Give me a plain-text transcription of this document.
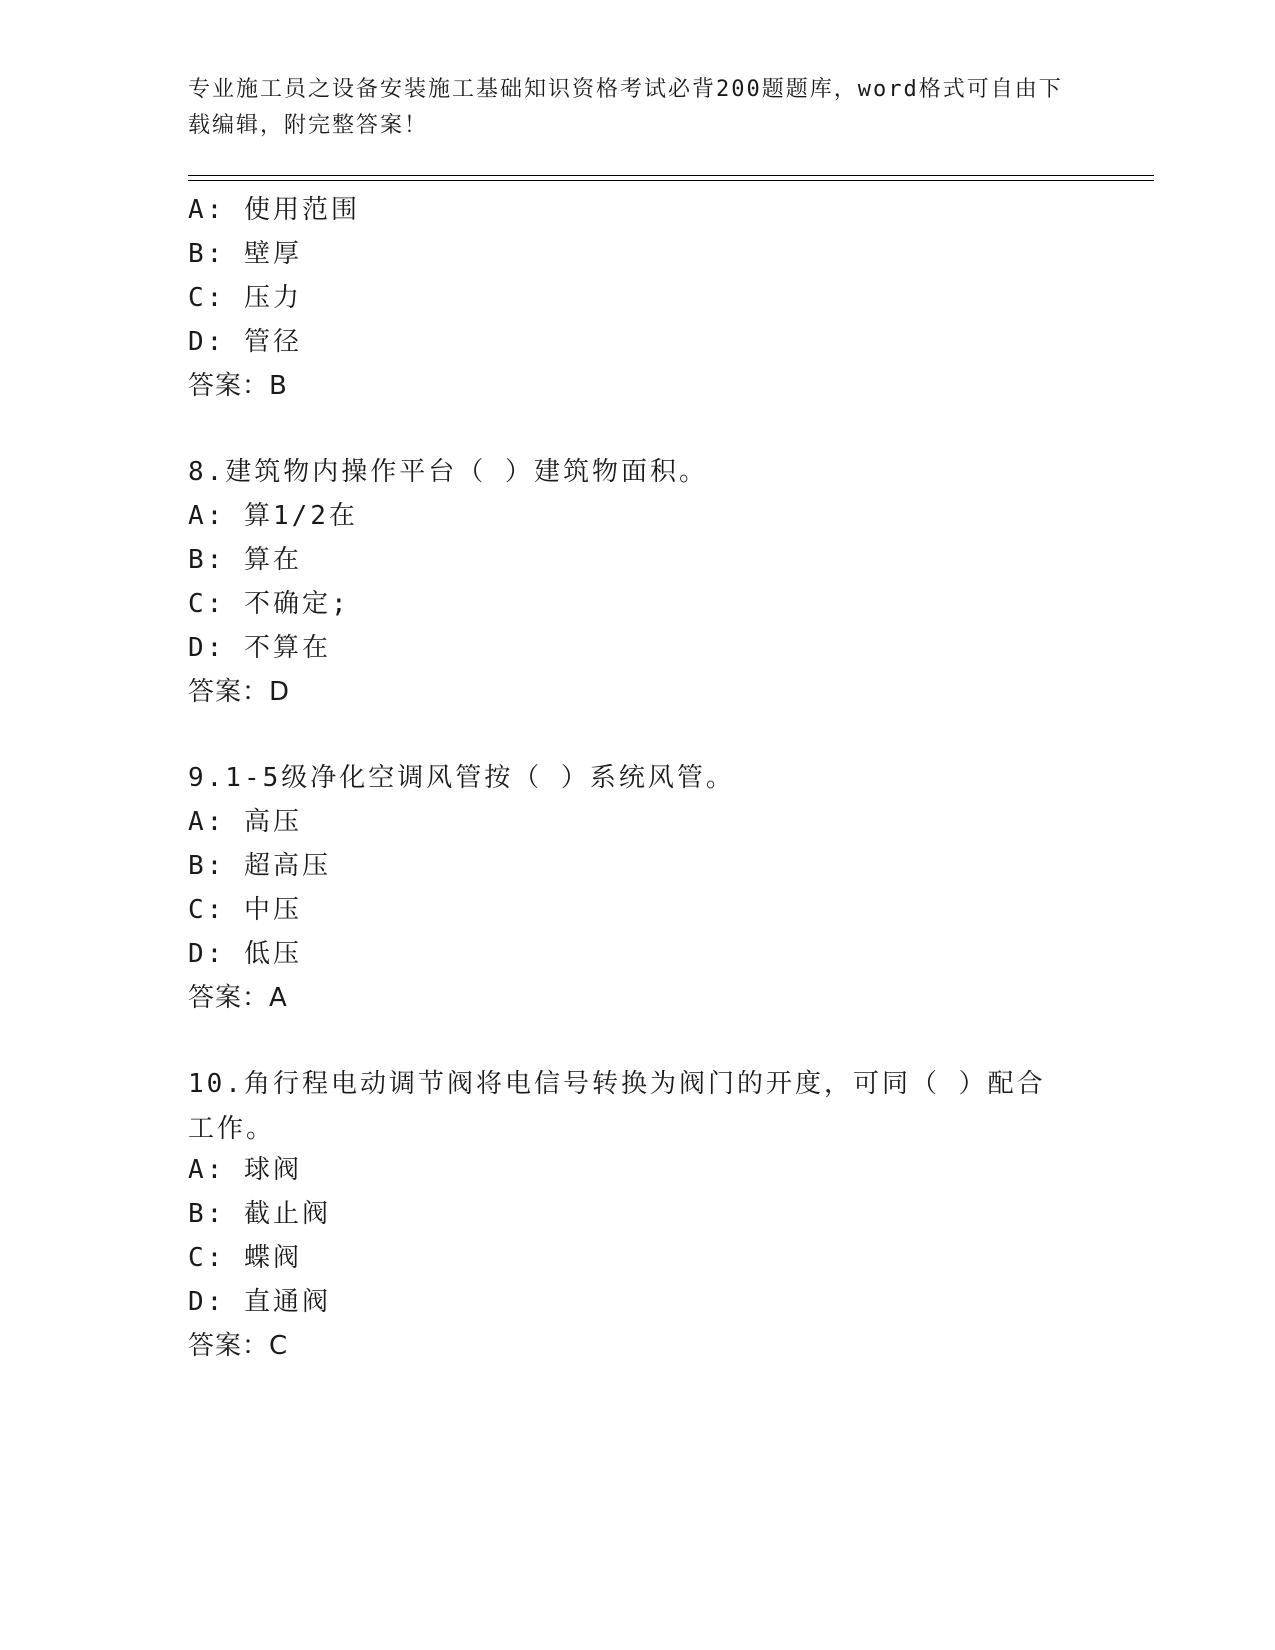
专业施工员之设备安装施工基础知识资格考试必背200题题库，word格式可自由下载编辑，附完整答案！
A: 使用范围
B: 壁厚
C: 压力
D: 管径
答案：B
8.建筑物内操作平台（ ）建筑物面积。
A: 算1/2在
B: 算在
C: 不确定;
D: 不算在
答案：D
9.1-5级净化空调风管按（ ）系统风管。
A: 高压
B: 超高压
C: 中压
D: 低压
答案：A
10.角行程电动调节阀将电信号转换为阀门的开度，可同（ ）配合工作。
A: 球阀
B: 截止阀
C: 蝶阀
D: 直通阀
答案：C
